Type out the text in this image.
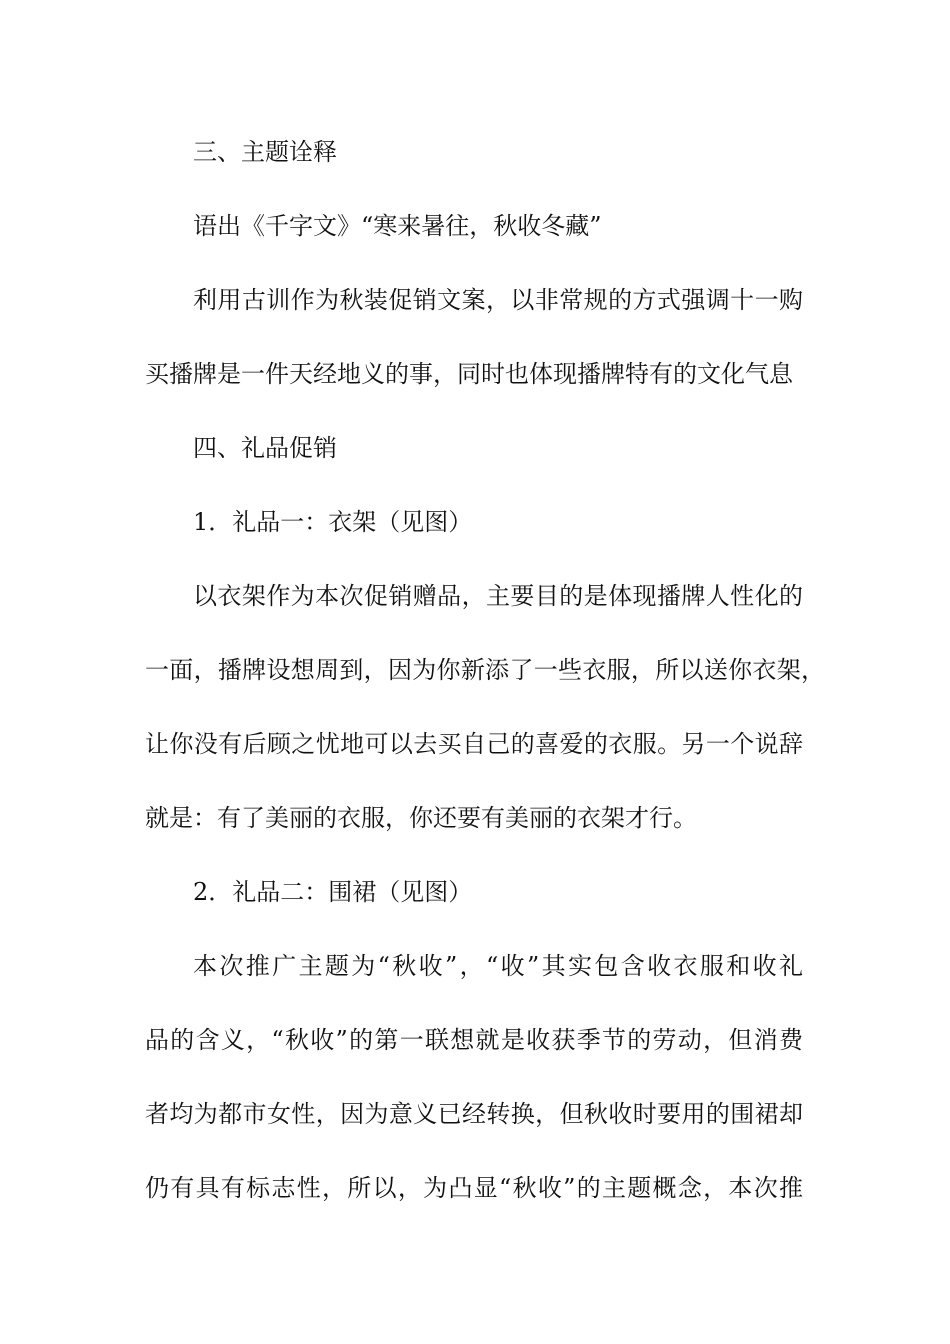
三、主题诠释
语出《千字文》“寒来暑往，秋收冬藏”
利用古训作为秋装促销文案，以非常规的方式强调十一购
买播牌是一件天经地义的事，同时也体现播牌特有的文化气息
四、礼品促销
1．礼品一：衣架（见图）
以衣架作为本次促销赠品，主要目的是体现播牌人性化的
一面，播牌设想周到，因为你新添了一些衣服，所以送你衣架，
让你没有后顾之忧地可以去买自己的喜爱的衣服。另一个说辞
就是：有了美丽的衣服，你还要有美丽的衣架才行。
2．礼品二：围裙（见图）
本次推广主题为“秋收”，“收”其实包含收衣服和收礼
品的含义，“秋收”的第一联想就是收获季节的劳动，但消费
者均为都市女性，因为意义已经转换，但秋收时要用的围裙却
仍有具有标志性，所以，为凸显“秋收”的主题概念，本次推
